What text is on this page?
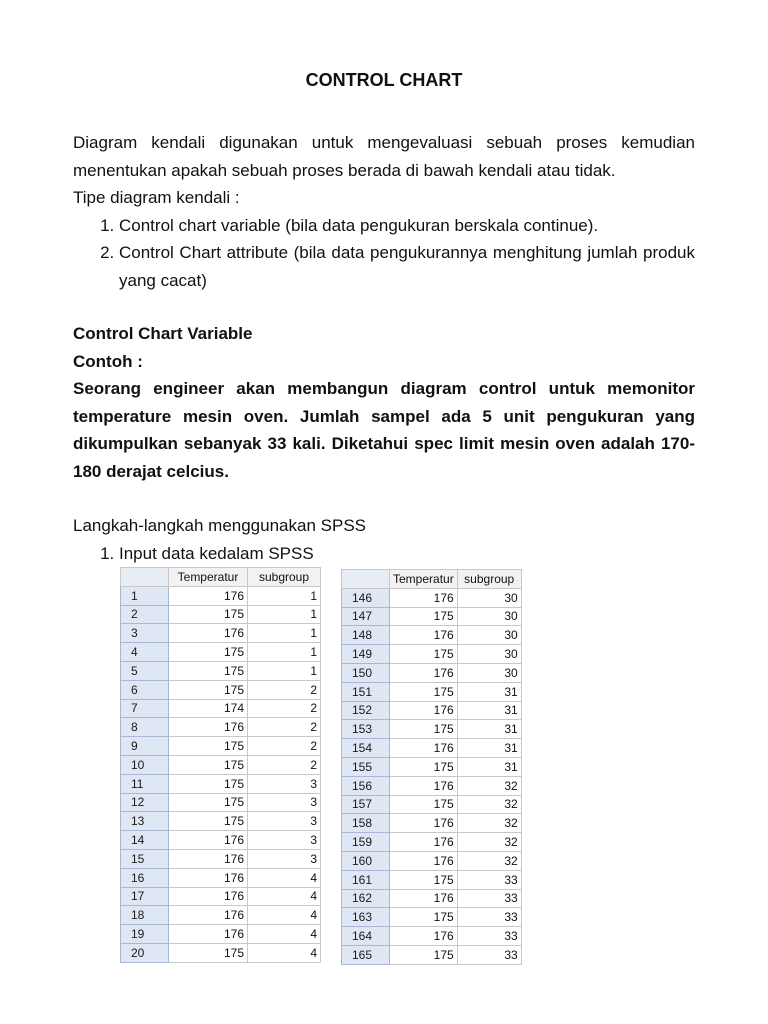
CONTROL CHART

Diagram kendali digunakan untuk mengevaluasi sebuah proses kemudian menentukan apakah sebuah proses berada di bawah kendali atau tidak.

Tipe diagram kendali :

1. Control chart variable (bila data pengukuran berskala continue).
2. Control Chart attribute (bila data pengukurannya menghitung jumlah produk yang cacat)

Control Chart Variable

Contoh :

Seorang engineer akan membangun diagram control untuk memonitor temperature mesin oven. Jumlah sampel ada 5 unit pengukuran yang dikumpulkan sebanyak 33 kali. Diketahui spec limit mesin oven adalah 170-180 derajat celcius.

Langkah-langkah menggunakan SPSS

1. Input data kedalam SPSS
	Temperatur	subgroup
1	176	1
2	175	1
3	176	1
4	175	1
5	175	1
6	175	2
7	174	2
8	176	2
9	175	2
10	175	2
11	175	3
12	175	3
13	175	3
14	176	3
15	176	3
16	176	4
17	176	4
18	176	4
19	176	4
20	175	4
	Temperatur	subgroup
146	176	30
147	175	30
148	176	30
149	175	30
150	176	30
151	175	31
152	176	31
153	175	31
154	176	31
155	175	31
156	176	32
157	175	32
158	176	32
159	176	32
160	176	32
161	175	33
162	176	33
163	175	33
164	176	33
165	175	33
